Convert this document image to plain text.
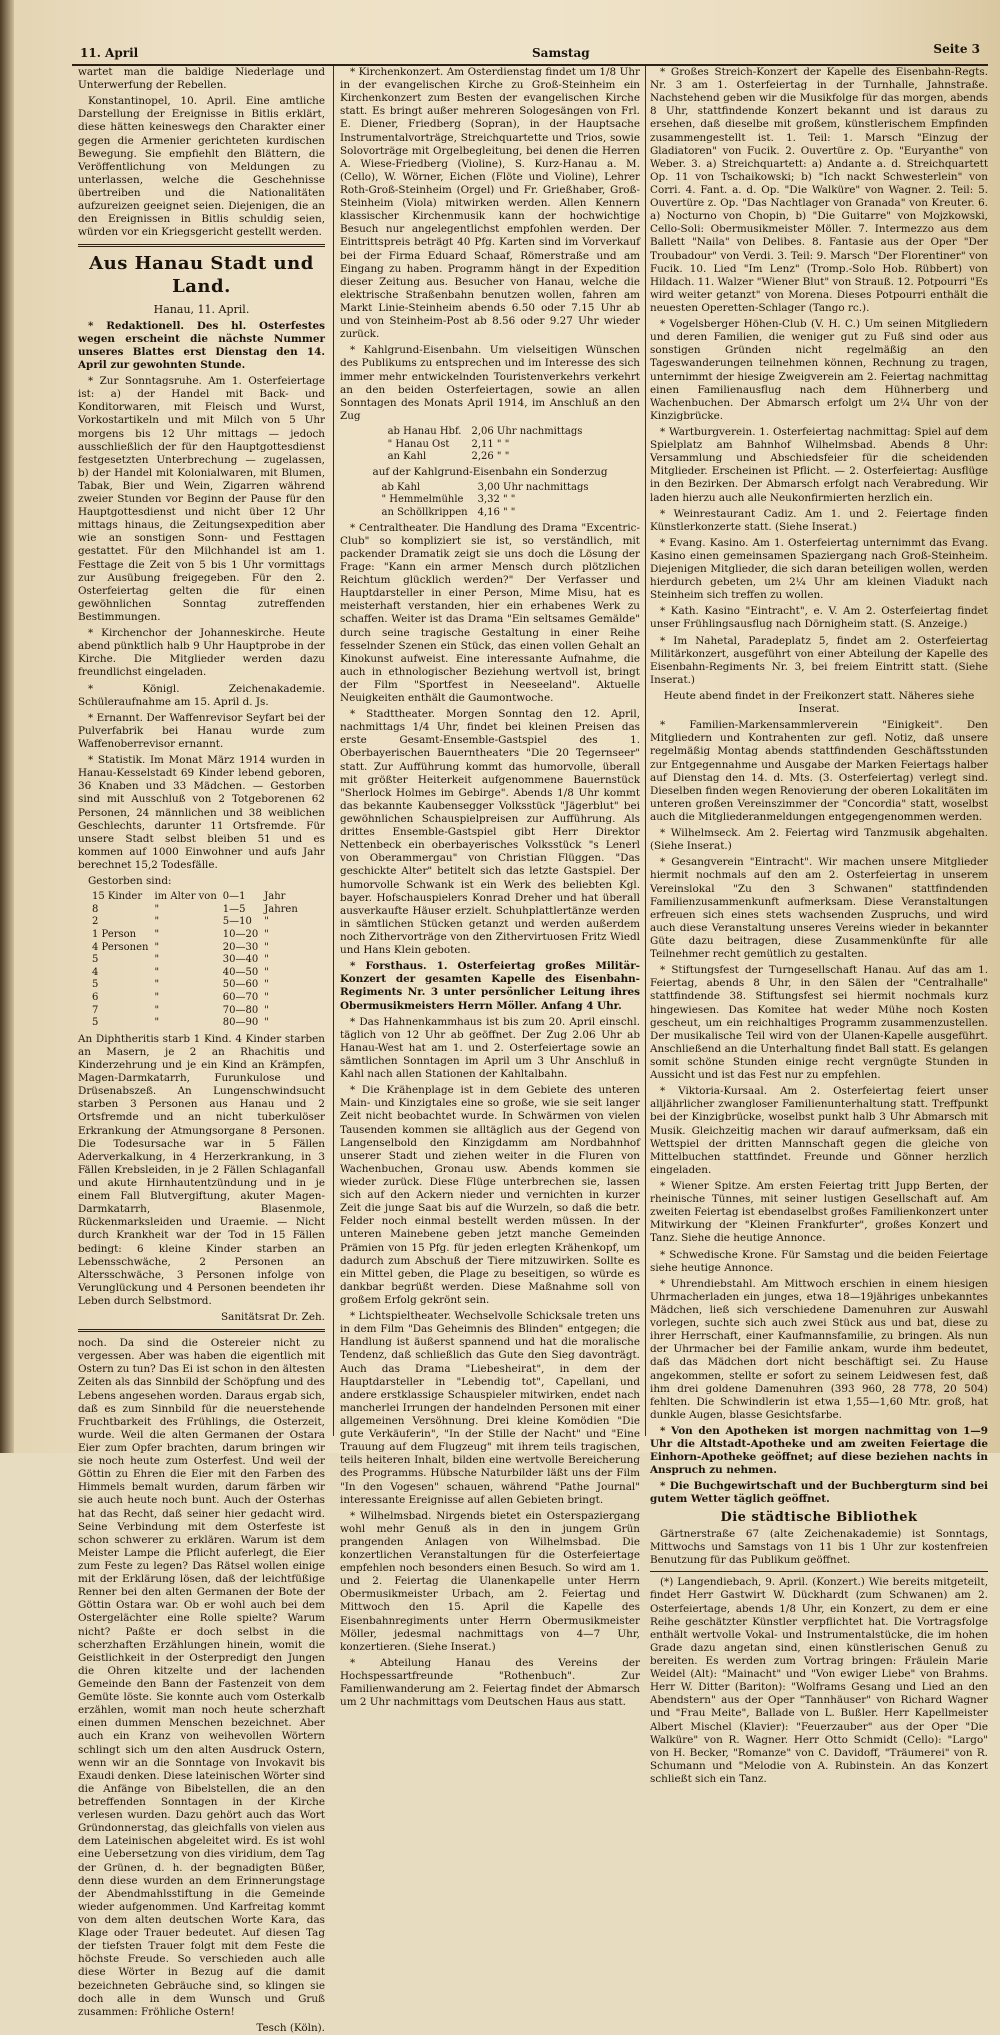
11. April	Samstag	Seite 3

wartet man die baldige Niederlage und Unterwerfung der Rebellen.

Konstantinopel, 10. April. Eine amtliche Darstellung der Ereignisse in Bitlis erklärt, diese hätten keineswegs den Charakter einer gegen die Armenier gerichteten kurdischen Bewegung. Sie empfiehlt den Blättern, die Veröffentlichung von Meldungen zu unterlassen, welche die Geschehnisse übertreiben und die Nationalitäten aufzureizen geeignet seien. Diejenigen, die an den Ereignissen in Bitlis schuldig seien, würden vor ein Kriegsgericht gestellt werden.

Aus Hanau Stadt und Land.
Hanau, 11. April.

* Redaktionell. Des hl. Osterfestes wegen erscheint die nächste Nummer unseres Blattes erst Dienstag den 14. April zur gewohnten Stunde.

* Zur Sonntagsruhe. Am 1. Osterfeiertage ist: a) der Handel mit Back- und Konditorwaren, mit Fleisch und Wurst, Vorkostartikeln und mit Milch von 5 Uhr morgens bis 12 Uhr mittags — jedoch ausschließlich der für den Hauptgottesdienst festgesetzten Unterbrechung — zugelassen, b) der Handel mit Kolonialwaren, mit Blumen, Tabak, Bier und Wein, Zigarren während zweier Stunden vor Beginn der Pause für den Hauptgottesdienst und nicht über 12 Uhr mittags hinaus, die Zeitungsexpedition aber wie an sonstigen Sonn- und Festtagen gestattet. Für den Milchhandel ist am 1. Festtage die Zeit von 5 bis 1 Uhr vormittags zur Ausübung freigegeben. Für den 2. Osterfeiertag gelten die für einen gewöhnlichen Sonntag zutreffenden Bestimmungen.

* Kirchenchor der Johanneskirche. Heute abend pünktlich halb 9 Uhr Hauptprobe in der Kirche. Die Mitglieder werden dazu freundlichst eingeladen.

* Königl. Zeichenakademie. Schüleraufnahme am 15. April d. Js.

* Ernannt. Der Waffenrevisor Seyfart bei der Pulverfabrik bei Hanau wurde zum Waffenoberrevisor ernannt.

* Statistik. Im Monat März 1914 wurden in Hanau-Kesselstadt 69 Kinder lebend geboren, 36 Knaben und 33 Mädchen. — Gestorben sind mit Ausschluß von 2 Totgeborenen 62 Personen, 24 männlichen und 38 weiblichen Geschlechts, darunter 11 Ortsfremde. Für unsere Stadt selbst bleiben 51 und es kommen auf 1000 Einwohner und aufs Jahr berechnet 15,2 Todesfälle.

Gestorben sind:

15 Kinder	im Alter von	0—1	Jahr
8	"	1—5	Jahren
2	"	5—10	"
1 Person	"	10—20	"
4 Personen	"	20—30	"
5	"	30—40	"
4	"	40—50	"
5	"	50—60	"
6	"	60—70	"
7	"	70—80	"
5	"	80—90	"

An Diphtheritis starb 1 Kind. 4 Kinder starben an Masern, je 2 an Rhachitis und Kinderzehrung und je ein Kind an Krämpfen, Magen-Darmkatarrh, Furunkulose und Drüsenabszeß. An Lungenschwindsucht starben 3 Personen aus Hanau und 2 Ortsfremde und an nicht tuberkulöser Erkrankung der Atmungsorgane 8 Personen. Die Todesursache war in 5 Fällen Aderverkalkung, in 4 Herzerkrankung, in 3 Fällen Krebsleiden, in je 2 Fällen Schlaganfall und akute Hirnhautentzündung und in je einem Fall Blutvergiftung, akuter Magen- Darmkatarrh, Blasenmole, Rückenmarksleiden und Uraemie. — Nicht durch Krankheit war der Tod in 15 Fällen bedingt: 6 kleine Kinder starben an Lebensschwäche, 2 Personen an Altersschwäche, 3 Personen infolge von Verunglückung und 4 Personen beendeten ihr Leben durch Selbstmord.

Sanitätsrat Dr. Zeh.

noch. Da sind die Ostereier nicht zu vergessen. Aber was haben die eigentlich mit Ostern zu tun? Das Ei ist schon in den ältesten Zeiten als das Sinnbild der Schöpfung und des Lebens angesehen worden. Daraus ergab sich, daß es zum Sinnbild für die neuerstehende Fruchtbarkeit des Frühlings, die Osterzeit, wurde. Weil die alten Germanen der Ostara Eier zum Opfer brachten, darum bringen wir sie noch heute zum Osterfest. Und weil der Göttin zu Ehren die Eier mit den Farben des Himmels bemalt wurden, darum färben wir sie auch heute noch bunt. Auch der Osterhas hat das Recht, daß seiner hier gedacht wird. Seine Verbindung mit dem Osterfeste ist schon schwerer zu erklären. Warum ist dem Meister Lampe die Pflicht auferlegt, die Eier zum Feste zu legen? Das Rätsel wollen einige mit der Erklärung lösen, daß der leichtfüßige Renner bei den alten Germanen der Bote der Göttin Ostara war. Ob er wohl auch bei dem Ostergelächter eine Rolle spielte? Warum nicht? Paßte er doch selbst in die scherzhaften Erzählungen hinein, womit die Geistlichkeit in der Osterpredigt den Jungen die Ohren kitzelte und der lachenden Gemeinde den Bann der Fastenzeit von dem Gemüte löste. Sie konnte auch vom Osterkalb erzählen, womit man noch heute scherzhaft einen dummen Menschen bezeichnet. Aber auch ein Kranz von weihevollen Wörtern schlingt sich um den alten Ausdruck Ostern, wenn wir an die Sonntage von Invokavit bis Exaudi denken. Diese lateinischen Wörter sind die Anfänge von Bibelstellen, die an den betreffenden Sonntagen in der Kirche verlesen wurden. Dazu gehört auch das Wort Gründonnerstag, das gleichfalls von vielen aus dem Lateinischen abgeleitet wird. Es ist wohl eine Uebersetzung von dies viridium, dem Tag der Grünen, d. h. der begnadigten Büßer, denn diese wurden an dem Erinnerungstage der Abendmahlsstiftung in die Gemeinde wieder aufgenommen. Und Karfreitag kommt von dem alten deutschen Worte Kara, das Klage oder Trauer bedeutet. Auf diesen Tag der tiefsten Trauer folgt mit dem Feste die höchste Freude. So verschieden auch alle diese Wörter in Bezug auf die damit bezeichneten Gebräuche sind, so klingen sie doch alle in dem Wunsch und Gruß zusammen: Fröhliche Ostern!

Tesch (Köln).

* Kirchenkonzert. Am Osterdienstag findet um 1/8 Uhr in der evangelischen Kirche zu Groß-Steinheim ein Kirchenkonzert zum Besten der evangelischen Kirche statt. Es bringt außer mehreren Sologesängen von Frl. E. Diener, Friedberg (Sopran), in der Hauptsache Instrumentalvorträge, Streichquartette und Trios, sowie Solovorträge mit Orgelbegleitung, bei denen die Herren A. Wiese-Friedberg (Violine), S. Kurz-Hanau a. M. (Cello), W. Wörner, Eichen (Flöte und Violine), Lehrer Roth-Groß-Steinheim (Orgel) und Fr. Grießhaber, Groß-Steinheim (Viola) mitwirken werden. Allen Kennern klassischer Kirchenmusik kann der hochwichtige Besuch nur angelegentlichst empfohlen werden. Der Eintrittspreis beträgt 40 Pfg. Karten sind im Vorverkauf bei der Firma Eduard Schaaf, Römerstraße und am Eingang zu haben. Programm hängt in der Expedition dieser Zeitung aus. Besucher von Hanau, welche die elektrische Straßenbahn benutzen wollen, fahren am Markt Linie-Steinheim abends 6.50 oder 7.15 Uhr ab und von Steinheim-Post ab 8.56 oder 9.27 Uhr wieder zurück.

* Kahlgrund-Eisenbahn. Um vielseitigen Wünschen des Publikums zu entsprechen und im Interesse des sich immer mehr entwickelnden Touristenverkehrs verkehrt an den beiden Osterfeiertagen, sowie an allen Sonntagen des Monats April 1914, im Anschluß an den Zug

ab Hanau Hbf.	2,06 Uhr nachmittags
" Hanau Ost	2,11 " "
an Kahl	2,26 " "

auf der Kahlgrund-Eisenbahn ein Sonderzug

ab Kahl	3,00 Uhr nachmittags
" Hemmelmühle	3,32 " "
an Schöllkrippen	4,16 " "

* Centraltheater. Die Handlung des Drama "Excentric-Club" so kompliziert sie ist, so verständlich, mit packender Dramatik zeigt sie uns doch die Lösung der Frage: "Kann ein armer Mensch durch plötzlichen Reichtum glücklich werden?" Der Verfasser und Hauptdarsteller in einer Person, Mime Misu, hat es meisterhaft verstanden, hier ein erhabenes Werk zu schaffen. Weiter ist das Drama "Ein seltsames Gemälde" durch seine tragische Gestaltung in einer Reihe fesselnder Szenen ein Stück, das einen vollen Gehalt an Kinokunst aufweist. Eine interessante Aufnahme, die auch in ethnologischer Beziehung wertvoll ist, bringt der Film "Sportfest in Neeseeland". Aktuelle Neuigkeiten enthält die Gaumontwoche.

* Stadttheater. Morgen Sonntag den 12. April, nachmittags 1/4 Uhr, findet bei kleinen Preisen das erste Gesamt-Ensemble-Gastspiel des 1. Oberbayerischen Bauerntheaters "Die 20 Tegernseer" statt. Zur Aufführung kommt das humorvolle, überall mit größter Heiterkeit aufgenommene Bauernstück "Sherlock Holmes im Gebirge". Abends 1/8 Uhr kommt das bekannte Kaubensegger Volksstück "Jägerblut" bei gewöhnlichen Schauspielpreisen zur Aufführung. Als drittes Ensemble-Gastspiel gibt Herr Direktor Nettenbeck ein oberbayerisches Volksstück "s Lenerl von Oberammergau" von Christian Flüggen. "Das geschickte Alter" betitelt sich das letzte Gastspiel. Der humorvolle Schwank ist ein Werk des beliebten Kgl. bayer. Hofschauspielers Konrad Dreher und hat überall ausverkaufte Häuser erzielt. Schuhplattlertänze werden in sämtlichen Stücken getanzt und werden außerdem noch Zithervorträge von den Zithervirtuosen Fritz Wiedl und Hans Klein geboten.

* Forsthaus. 1. Osterfeiertag großes Militär-Konzert der gesamten Kapelle des Eisenbahn-Regiments Nr. 3 unter persönlicher Leitung ihres Obermusikmeisters Herrn Möller. Anfang 4 Uhr.

* Das Hahnenkammhaus ist bis zum 20. April einschl. täglich von 12 Uhr ab geöffnet. Der Zug 2.06 Uhr ab Hanau-West hat am 1. und 2. Osterfeiertage sowie an sämtlichen Sonntagen im April um 3 Uhr Anschluß in Kahl nach allen Stationen der Kahltalbahn.

* Die Krähenplage ist in dem Gebiete des unteren Main- und Kinzigtales eine so große, wie sie seit langer Zeit nicht beobachtet wurde. In Schwärmen von vielen Tausenden kommen sie alltäglich aus der Gegend von Langenselbold den Kinzigdamm am Nordbahnhof unserer Stadt und ziehen weiter in die Fluren von Wachenbuchen, Gronau usw. Abends kommen sie wieder zurück. Diese Flüge unterbrechen sie, lassen sich auf den Ackern nieder und vernichten in kurzer Zeit die junge Saat bis auf die Wurzeln, so daß die betr. Felder noch einmal bestellt werden müssen. In der unteren Mainebene geben jetzt manche Gemeinden Prämien von 15 Pfg. für jeden erlegten Krähenkopf, um dadurch zum Abschuß der Tiere mitzuwirken. Sollte es ein Mittel geben, die Plage zu beseitigen, so würde es dankbar begrüßt werden. Diese Maßnahme soll von großem Erfolg gekrönt sein.

* Lichtspieltheater. Wechselvolle Schicksale treten uns in dem Film "Das Geheimnis des Blinden" entgegen; die Handlung ist äußerst spannend und hat die moralische Tendenz, daß schließlich das Gute den Sieg davonträgt. Auch das Drama "Liebesheirat", in dem der Hauptdarsteller in "Lebendig tot", Capellani, und andere erstklassige Schauspieler mitwirken, endet nach mancherlei Irrungen der handelnden Personen mit einer allgemeinen Versöhnung. Drei kleine Komödien "Die gute Verkäuferin", "In der Stille der Nacht" und "Eine Trauung auf dem Flugzeug" mit ihrem teils tragischen, teils heiteren Inhalt, bilden eine wertvolle Bereicherung des Programms. Hübsche Naturbilder läßt uns der Film "In den Vogesen" schauen, während "Pathe Journal" interessante Ereignisse auf allen Gebieten bringt.

* Wilhelmsbad. Nirgends bietet ein Osterspaziergang wohl mehr Genuß als in den in jungem Grün prangenden Anlagen von Wilhelmsbad. Die konzertlichen Veranstaltungen für die Osterfeiertage empfehlen noch besonders einen Besuch. So wird am 1. und 2. Feiertag die Ulanenkapelle unter Herrn Obermusikmeister Urbach, am 2. Feiertag und Mittwoch den 15. April die Kapelle des Eisenbahnregiments unter Herrn Obermusikmeister Möller, jedesmal nachmittags von 4—7 Uhr, konzertieren. (Siehe Inserat.)

* Abteilung Hanau des Vereins der Hochspessartfreunde "Rothenbuch". Zur Familienwanderung am 2. Feiertag findet der Abmarsch um 2 Uhr nachmittags vom Deutschen Haus aus statt.

* Großes Streich-Konzert der Kapelle des Eisenbahn-Regts. Nr. 3 am 1. Osterfeiertag in der Turnhalle, Jahnstraße. Nachstehend geben wir die Musikfolge für das morgen, abends 8 Uhr, stattfindende Konzert bekannt und ist daraus zu ersehen, daß dieselbe mit großem, künstlerischem Empfinden zusammengestellt ist. 1. Teil: 1. Marsch "Einzug der Gladiatoren" von Fucik. 2. Ouvertüre z. Op. "Euryanthe" von Weber. 3. a) Streichquartett: a) Andante a. d. Streichquartett Op. 11 von Tschaikowski; b) "Ich nackt Schwesterlein" von Corri. 4. Fant. a. d. Op. "Die Walküre" von Wagner. 2. Teil: 5. Ouvertüre z. Op. "Das Nachtlager von Granada" von Kreuter. 6. a) Nocturno von Chopin, b) "Die Guitarre" von Mojzkowski, Cello-Soli: Obermusikmeister Möller. 7. Intermezzo aus dem Ballett "Naila" von Delibes. 8. Fantasie aus der Oper "Der Troubadour" von Verdi. 3. Teil: 9. Marsch "Der Florentiner" von Fucik. 10. Lied "Im Lenz" (Tromp.-Solo Hob. Rübbert) von Hildach. 11. Walzer "Wiener Blut" von Strauß. 12. Potpourri "Es wird weiter getanzt" von Morena. Dieses Potpourri enthält die neuesten Operetten-Schlager (Tango rc.).

* Vogelsberger Höhen-Club (V. H. C.) Um seinen Mitgliedern und deren Familien, die weniger gut zu Fuß sind oder aus sonstigen Gründen nicht regelmäßig an den Tageswanderungen teilnehmen können, Rechnung zu tragen, unternimmt der hiesige Zweigverein am 2. Feiertag nachmittag einen Familienausflug nach dem Hühnerberg und Wachenbuchen. Der Abmarsch erfolgt um 2¼ Uhr von der Kinzigbrücke.

* Wartburgverein. 1. Osterfeiertag nachmittag: Spiel auf dem Spielplatz am Bahnhof Wilhelmsbad. Abends 8 Uhr: Versammlung und Abschiedsfeier für die scheidenden Mitglieder. Erscheinen ist Pflicht. — 2. Osterfeiertag: Ausflüge in den Bezirken. Der Abmarsch erfolgt nach Verabredung. Wir laden hierzu auch alle Neukonfirmierten herzlich ein.

* Weinrestaurant Cadiz. Am 1. und 2. Feiertage finden Künstlerkonzerte statt. (Siehe Inserat.)

* Evang. Kasino. Am 1. Osterfeiertag unternimmt das Evang. Kasino einen gemeinsamen Spaziergang nach Groß-Steinheim. Diejenigen Mitglieder, die sich daran beteiligen wollen, werden hierdurch gebeten, um 2¼ Uhr am kleinen Viadukt nach Steinheim sich treffen zu wollen.

* Kath. Kasino "Eintracht", e. V. Am 2. Osterfeiertag findet unser Frühlingsausflug nach Dörnigheim statt. (S. Anzeige.)

* Im Nahetal, Paradeplatz 5, findet am 2. Osterfeiertag Militärkonzert, ausgeführt von einer Abteilung der Kapelle des Eisenbahn-Regiments Nr. 3, bei freiem Eintritt statt. (Siehe Inserat.)

Heute abend findet in der Freikonzert statt. Näheres siehe Inserat.

* Familien-Markensammlerverein "Einigkeit". Den Mitgliedern und Kontrahenten zur gefl. Notiz, daß unsere regelmäßig Montag abends stattfindenden Geschäftsstunden zur Entgegennahme und Ausgabe der Marken Feiertags halber auf Dienstag den 14. d. Mts. (3. Osterfeiertag) verlegt sind. Dieselben finden wegen Renovierung der oberen Lokalitäten im unteren großen Vereinszimmer der "Concordia" statt, woselbst auch die Mitgliederanmeldungen entgegengenommen werden.

* Wilhelmseck. Am 2. Feiertag wird Tanzmusik abgehalten. (Siehe Inserat.)

* Gesangverein "Eintracht". Wir machen unsere Mitglieder hiermit nochmals auf den am 2. Osterfeiertag in unserem Vereinslokal "Zu den 3 Schwanen" stattfindenden Familienzusammenkunft aufmerksam. Diese Veranstaltungen erfreuen sich eines stets wachsenden Zuspruchs, und wird auch diese Veranstaltung unseres Vereins wieder in bekannter Güte dazu beitragen, diese Zusammenkünfte für alle Teilnehmer recht gemütlich zu gestalten.

* Stiftungsfest der Turngesellschaft Hanau. Auf das am 1. Feiertag, abends 8 Uhr, in den Sälen der "Centralhalle" stattfindende 38. Stiftungsfest sei hiermit nochmals kurz hingewiesen. Das Komitee hat weder Mühe noch Kosten gescheut, um ein reichhaltiges Programm zusammenzustellen. Der musikalische Teil wird von der Ulanen-Kapelle ausgeführt. Anschließend an die Unterhaltung findet Ball statt. Es gelangen somit schöne Stunden einige recht vergnügte Stunden in Aussicht und ist das Fest nur zu empfehlen.

* Viktoria-Kursaal. Am 2. Osterfeiertag feiert unser alljährlicher zwangloser Familienunterhaltung statt. Treffpunkt bei der Kinzigbrücke, woselbst punkt halb 3 Uhr Abmarsch mit Musik. Gleichzeitig machen wir darauf aufmerksam, daß ein Wettspiel der dritten Mannschaft gegen die gleiche von Mittelbuchen stattfindet. Freunde und Gönner herzlich eingeladen.

* Wiener Spitze. Am ersten Feiertag tritt Jupp Berten, der rheinische Tünnes, mit seiner lustigen Gesellschaft auf. Am zweiten Feiertag ist ebendaselbst großes Familienkonzert unter Mitwirkung der "Kleinen Frankfurter", großes Konzert und Tanz. Siehe die heutige Annonce.

* Schwedische Krone. Für Samstag und die beiden Feiertage siehe heutige Annonce.

* Uhrendiebstahl. Am Mittwoch erschien in einem hiesigen Uhrmacherladen ein junges, etwa 18—19jähriges unbekanntes Mädchen, ließ sich verschiedene Damenuhren zur Auswahl vorlegen, suchte sich auch zwei Stück aus und bat, diese zu ihrer Herrschaft, einer Kaufmannsfamilie, zu bringen. Als nun der Uhrmacher bei der Familie ankam, wurde ihm bedeutet, daß das Mädchen dort nicht beschäftigt sei. Zu Hause angekommen, stellte er sofort zu seinem Leidwesen fest, daß ihm drei goldene Damenuhren (393 960, 28 778, 20 504) fehlten. Die Schwindlerin ist etwa 1,55—1,60 Mtr. groß, hat dunkle Augen, blasse Gesichtsfarbe.

* Von den Apotheken ist morgen nachmittag von 1—9 Uhr die Altstadt-Apotheke und am zweiten Feiertage die Einhorn-Apotheke geöffnet; auf diese beziehen nachts in Anspruch zu nehmen.

* Die Buchgewirtschaft und der Buchbergturm sind bei gutem Wetter täglich geöffnet.

Die städtische Bibliothek

Gärtnerstraße 67 (alte Zeichenakademie) ist Sonntags, Mittwochs und Samstags von 11 bis 1 Uhr zur kostenfreien Benutzung für das Publikum geöffnet.

(*) Langendiebach, 9. April. (Konzert.) Wie bereits mitgeteilt, findet Herr Gastwirt W. Dückhardt (zum Schwanen) am 2. Osterfeiertage, abends 1/8 Uhr, ein Konzert, zu dem er eine Reihe geschätzter Künstler verpflichtet hat. Die Vortragsfolge enthält wertvolle Vokal- und Instrumentalstücke, die im hohen Grade dazu angetan sind, einen künstlerischen Genuß zu bereiten. Es werden zum Vortrag bringen: Fräulein Marie Weidel (Alt): "Mainacht" und "Von ewiger Liebe" von Brahms. Herr W. Ditter (Bariton): "Wolframs Gesang und Lied an den Abendstern" aus der Oper "Tannhäuser" von Richard Wagner und "Frau Meite", Ballade von L. Bußler. Herr Kapellmeister Albert Mischel (Klavier): "Feuerzauber" aus der Oper "Die Walküre" von R. Wagner. Herr Otto Schmidt (Cello): "Largo" von H. Becker, "Romanze" von C. Davidoff, "Träumerei" von R. Schumann und "Melodie von A. Rubinstein. An das Konzert schließt sich ein Tanz.
